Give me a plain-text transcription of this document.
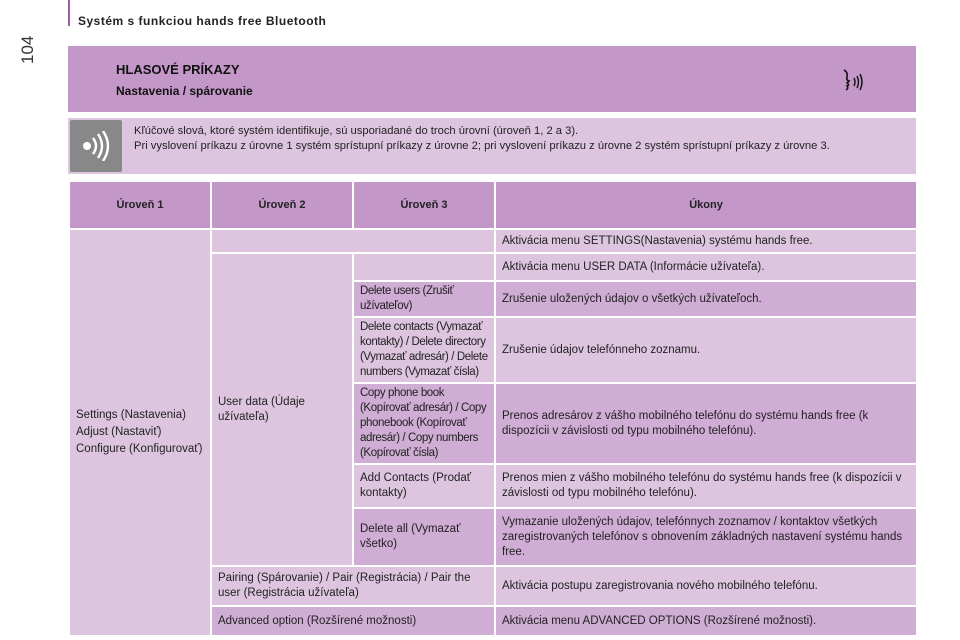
Systém s funkciou hands free Bluetooth
104
HLASOVÉ PRÍKAZY
Nastavenia / spárovanie
Kľúčové slová, ktoré systém identifikuje, sú usporiadané do troch úrovní (úroveň 1, 2 a 3).
Pri vyslovení príkazu z úrovne 1 systém sprístupní príkazy z úrovne 2; pri vyslovení príkazu z úrovne 2 systém sprístupní príkazy z úrovne 3.
Úroveň 1	Úroveň 2	Úroveň 3	Úkony
Settings (Nastavenia) Adjust (Nastaviť) Configure (Konfigurovať)			Aktivácia menu SETTINGS(Nastavenia) systému hands free.
	User data (Údaje užívateľa)		Aktivácia menu USER DATA (Informácie užívateľa).
		Delete users (Zrušiť užívateľov)	Zrušenie uložených údajov o všetkých užívateľoch.
		Delete contacts (Vymazať kontakty) / Delete directory (Vymazať adresár) / Delete numbers (Vymazať čísla)	Zrušenie údajov telefónneho zoznamu.
		Copy phone book (Kopírovať adresár) / Copy phonebook (Kopírovať adresár) / Copy numbers (Kopírovať čísla)	Prenos adresárov z vášho mobilného telefónu do systému hands free (k dispozícii v závislosti od typu mobilného telefónu).
		Add Contacts (Prodať kontakty)	Prenos mien z vášho mobilného telefónu do systému hands free (k dispozícii v závislosti od typu mobilného telefónu).
		Delete all (Vymazať všetko)	Vymazanie uložených údajov, telefónnych zoznamov / kontaktov všetkých zaregistrovaných telefónov s obnovením základných nastavení systému hands free.

	Pairing (Spárovanie) / Pair (Registrácia) / Pair the user (Registrácia užívateľa)		Aktivácia postupu zaregistrovania nového mobilného telefónu.
	Advanced option (Rozšírené možnosti)		Aktivácia menu ADVANCED OPTIONS (Rozšírené možnosti).
